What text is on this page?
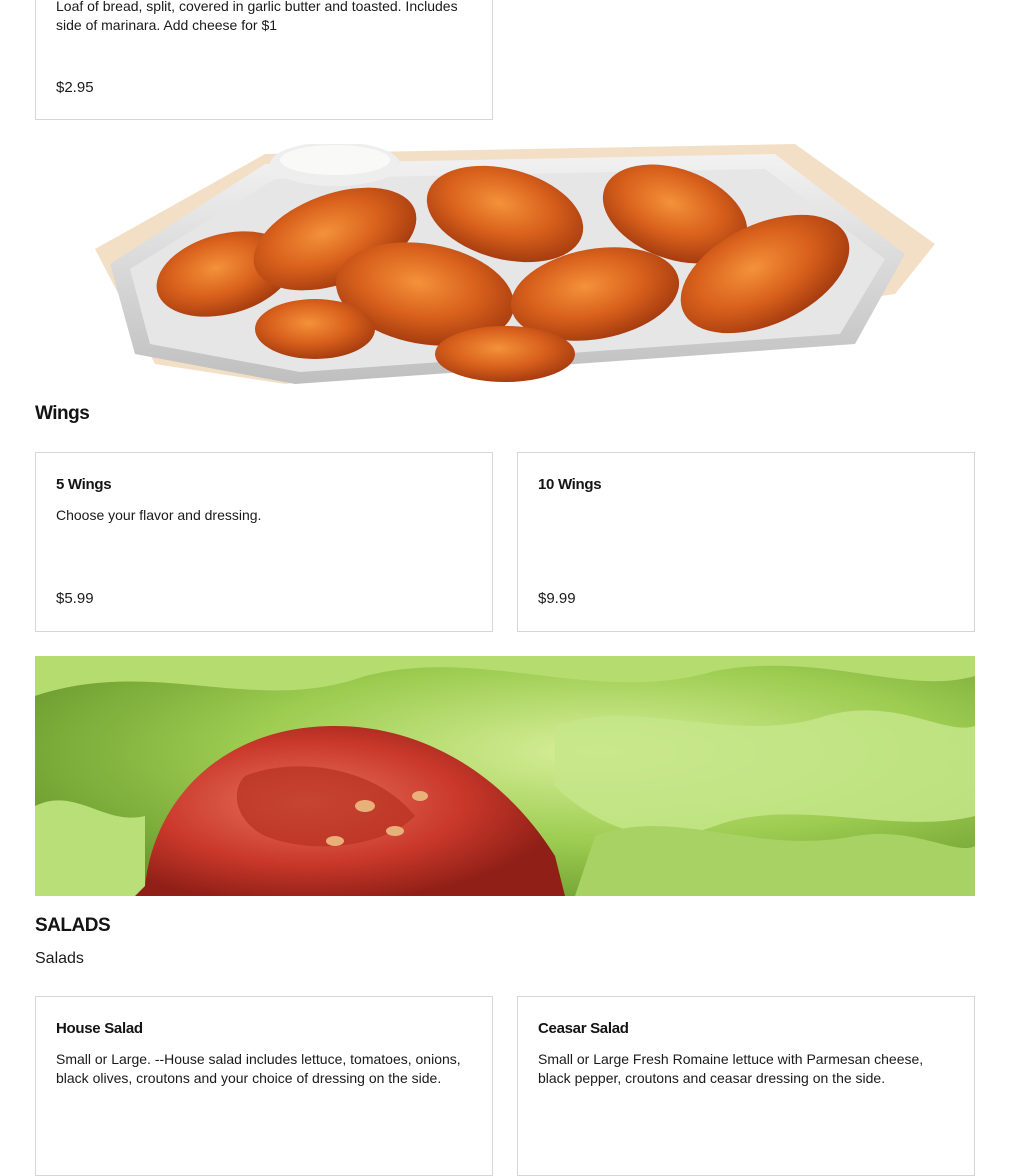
Loaf of bread, split, covered in garlic butter and toasted. Includes side of marinara. Add cheese for $1
$2.95
Wings
5 Wings
Choose your flavor and dressing.
$5.99
10 Wings
$9.99
SALADS
Salads
House Salad
Small or Large. --House salad includes lettuce, tomatoes, onions, black olives, croutons and your choice of dressing on the side.
Ceasar Salad
Small or Large Fresh Romaine lettuce with Parmesan cheese, black pepper, croutons and ceasar dressing on the side.
